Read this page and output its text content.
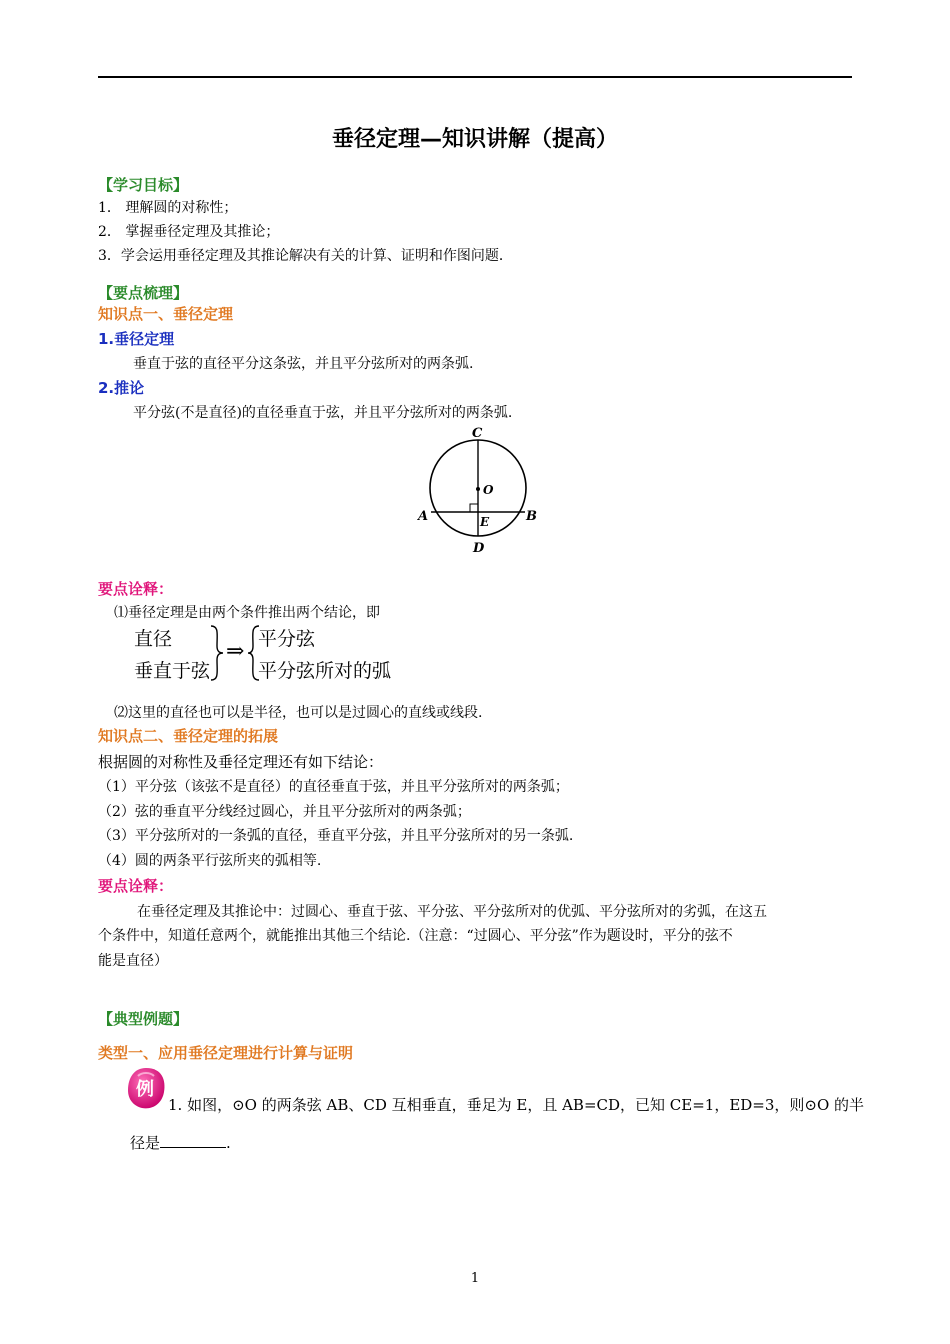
垂径定理—知识讲解（提高）
【学习目标】
1． 理解圆的对称性；
2． 掌握垂径定理及其推论；
3．学会运用垂径定理及其推论解决有关的计算、证明和作图问题．
【要点梳理】
知识点一、垂径定理
1.垂径定理
垂直于弦的直径平分这条弦，并且平分弦所对的两条弧.
2.推论
平分弦(不是直径)的直径垂直于弦，并且平分弦所对的两条弧.
C
O
A	B
E
D
要点诠释：
⑴垂径定理是由两个条件推出两个结论，即
直径
垂直于弦
⇒ 平分弦
平分弦所对的弧
⑵这里的直径也可以是半径，也可以是过圆心的直线或线段.
知识点二、垂径定理的拓展
根据圆的对称性及垂径定理还有如下结论：
（1）平分弦（该弦不是直径）的直径垂直于弦，并且平分弦所对的两条弧；
（2）弦的垂直平分线经过圆心，并且平分弦所对的两条弧；
（3）平分弦所对的一条弧的直径，垂直平分弦，并且平分弦所对的另一条弧.
（4）圆的两条平行弦所夹的弧相等.
要点诠释：
在垂径定理及其推论中：过圆心、垂直于弦、平分弦、平分弦所对的优弧、平分弦所对的劣弧，在这五
个条件中，知道任意两个，就能推出其他三个结论.（注意：“过圆心、平分弦”作为题设时，平分的弦不
能是直径）
【典型例题】
类型一、应用垂径定理进行计算与证明
例
1. 如图，⊙O 的两条弦 AB、CD 互相垂直，垂足为 E，且 AB=CD，已知 CE=1，ED=3，则⊙O 的半
径是	.
1
